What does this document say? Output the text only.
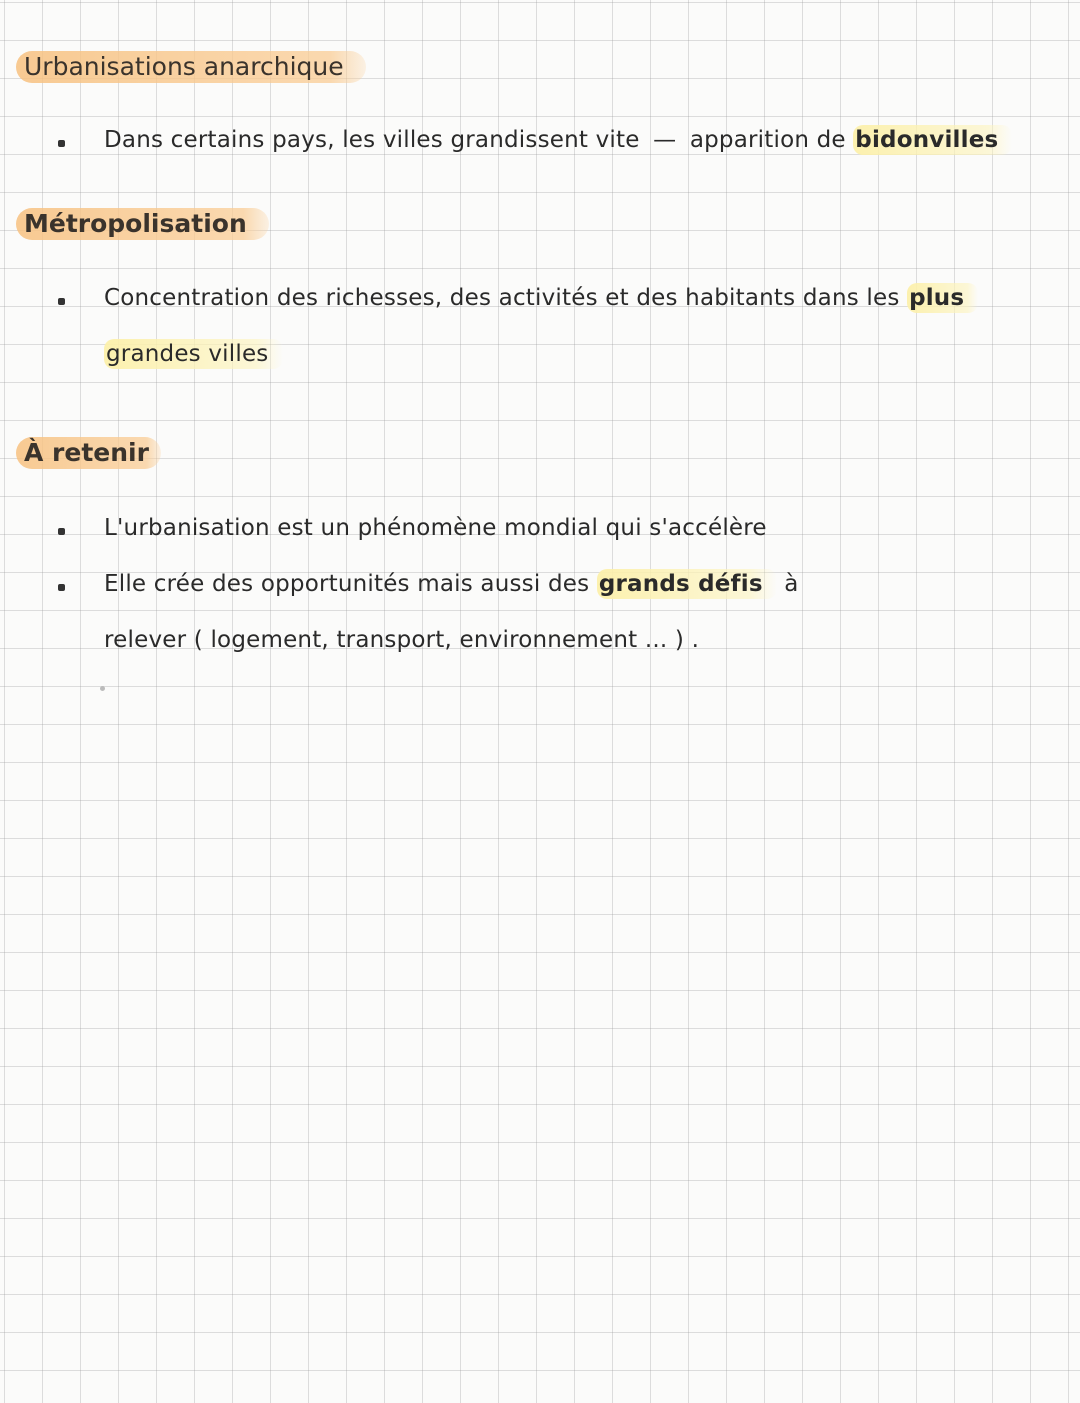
Urbanisations anarchique
Dans certains pays, les villes grandissent vite — apparition de bidonvilles
Métropolisation
Concentration des richesses, des activités et des habitants dans les plus
grandes villes
À retenir
L'urbanisation est un phénomène mondial qui s'accélère
Elle crée des opportunités mais aussi des grands défis à
relever ( logement, transport, environnement ... ) .
